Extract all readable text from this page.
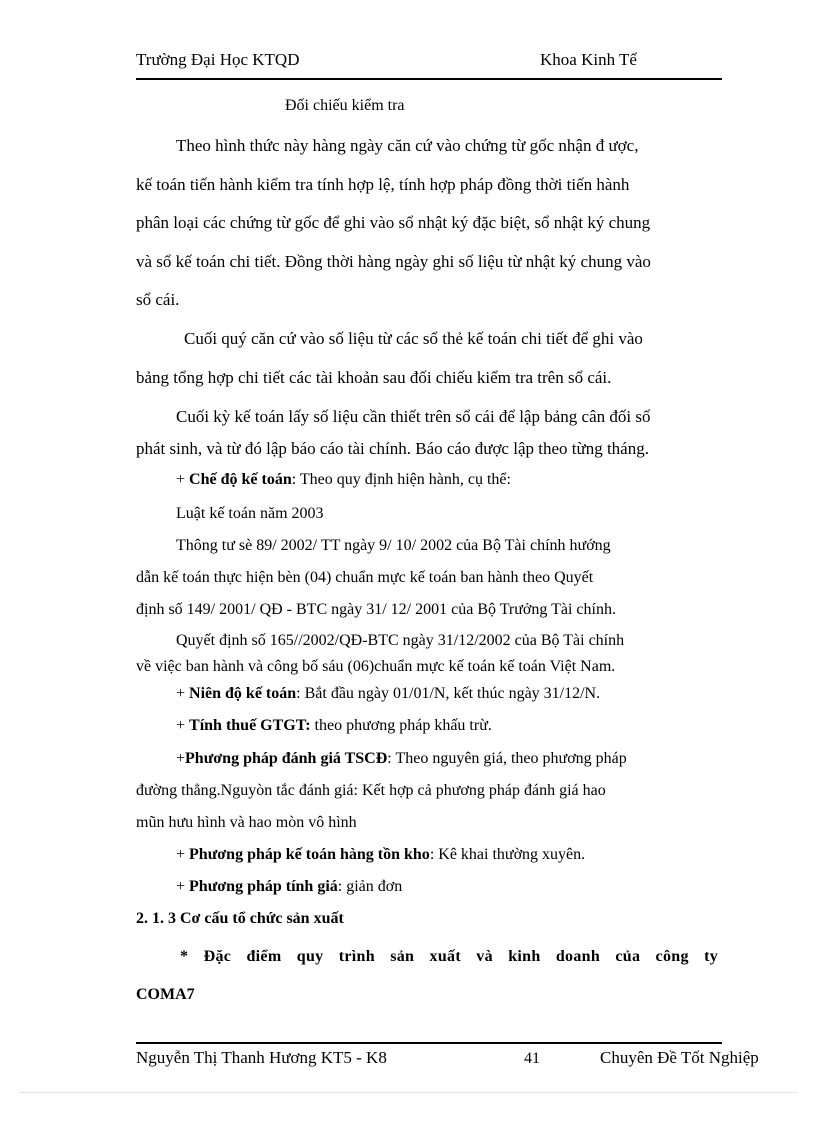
Trường Đại Học KTQD	Khoa Kinh Tế
Đối chiếu kiểm tra
Theo hình thức này hàng ngày căn cứ vào chứng từ gốc nhận đ ược,
kế toán tiến hành kiểm tra tính hợp lệ, tính hợp pháp đồng thời tiến hành
phân loại các chứng từ gốc để ghi vào sổ nhật ký đặc biệt, sổ nhật ký chung
và sổ kế toán chi tiết. Đồng thời hàng ngày ghi số liệu từ nhật ký chung vào
sổ cái.
Cuối quý căn cứ vào số liệu từ các sổ thẻ kế toán chi tiết để ghi vào
bảng tổng hợp chi tiết các tài khoản sau đối chiếu kiểm tra trên sổ cái.
Cuối kỳ kế toán lấy số liệu cần thiết trên sổ cái để lập bảng cân đối số
phát sinh, và từ đó lập báo cáo tài chính. Báo cáo được lập theo từng tháng.
+ Chế độ kế toán: Theo quy định hiện hành, cụ thể:
Luật kế toán năm 2003
Thông tư sè 89/ 2002/ TT ngày 9/ 10/ 2002 của Bộ Tài chính hướng
dẫn kế toán thực hiện bèn (04) chuẩn mực kế toán ban hành theo Quyết
định số 149/ 2001/ QĐ - BTC ngày 31/ 12/ 2001 của Bộ Trưởng Tài chính.
Quyết định số 165//2002/QĐ-BTC ngày 31/12/2002 của Bộ Tài chính
về việc ban hành và công bố sáu (06)chuẩn mực kế toán kế toán Việt Nam.
+ Niên độ kế toán: Bắt đầu ngày 01/01/N, kết thúc ngày 31/12/N.
+ Tính thuế GTGT: theo phương pháp khấu trừ.
+Phương pháp đánh giá TSCĐ: Theo nguyên giá, theo phương pháp
đường thẳng.Nguyòn tắc đánh giá: Kết hợp cả phương pháp đánh giá hao
mũn hưu hình và hao mòn vô hình
+ Phương pháp kế toán hàng tồn kho: Kê khai thường xuyên.
+ Phương pháp tính giá: giản đơn
2. 1. 3 Cơ cấu tổ chức sản xuất
* Đặc điểm quy trình sản xuất và kinh doanh của công ty
COMA7
Nguyễn Thị Thanh Hương KT5 - K8	41	Chuyên Đề Tốt Nghiệp
